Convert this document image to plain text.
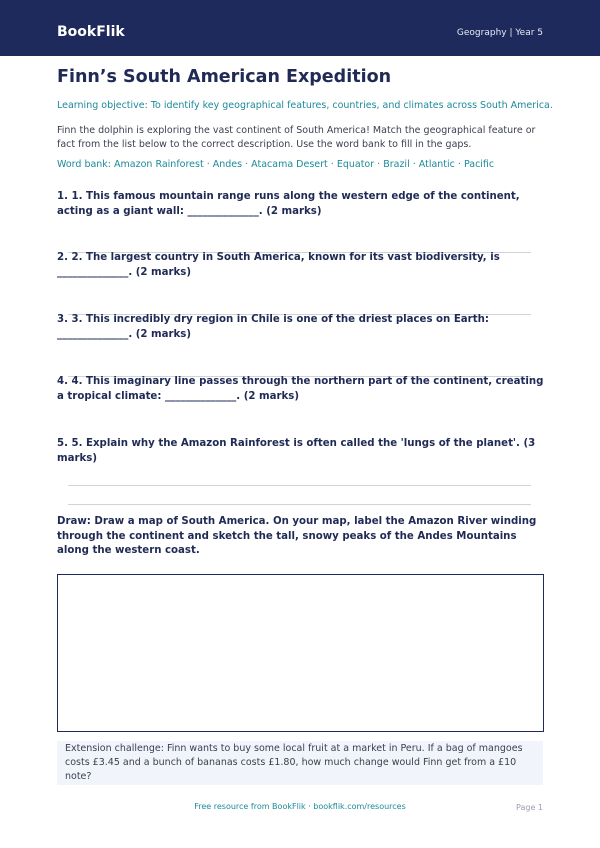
BookFlik	Geography | Year 5
Finn’s South American Expedition
Learning objective: To identify key geographical features, countries, and climates across South America.
Finn the dolphin is exploring the vast continent of South America! Match the geographical feature or fact from the list below to the correct description. Use the word bank to fill in the gaps.
Word bank: Amazon Rainforest · Andes · Atacama Desert · Equator · Brazil · Atlantic · Pacific
1. 1. This famous mountain range runs along the western edge of the continent, acting as a giant wall: ______________. (2 marks)
2. 2. The largest country in South America, known for its vast biodiversity, is ______________. (2 marks)
3. 3. This incredibly dry region in Chile is one of the driest places on Earth: ______________. (2 marks)
4. 4. This imaginary line passes through the northern part of the continent, creating a tropical climate: ______________. (2 marks)
5. 5. Explain why the Amazon Rainforest is often called the 'lungs of the planet'. (3 marks)
Draw: Draw a map of South America. On your map, label the Amazon River winding through the continent and sketch the tall, snowy peaks of the Andes Mountains along the western coast.
Extension challenge: Finn wants to buy some local fruit at a market in Peru. If a bag of mangoes costs £3.45 and a bunch of bananas costs £1.80, how much change would Finn get from a £10 note?
Free resource from BookFlik · bookflik.com/resources	Page 1
